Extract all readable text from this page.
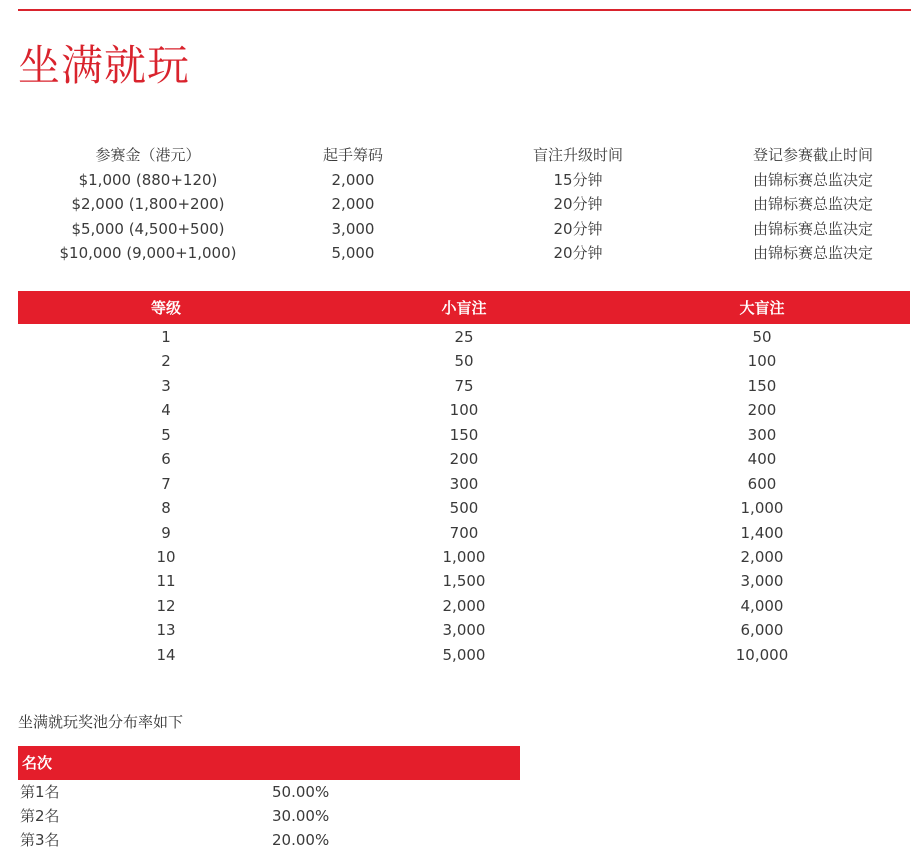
坐满就玩
参赛金（港元）	起手筹码	盲注升级时间	登记参赛截止时间
$1,000 (880+120)	2,000	15分钟	由锦标赛总监决定
$2,000 (1,800+200)	2,000	20分钟	由锦标赛总监决定
$5,000 (4,500+500)	3,000	20分钟	由锦标赛总监决定
$10,000 (9,000+1,000)	5,000	20分钟	由锦标赛总监决定
等级	小盲注	大盲注
1	25	50
2	50	100
3	75	150
4	100	200
5	150	300
6	200	400
7	300	600
8	500	1,000
9	700	1,400
10	1,000	2,000
11	1,500	3,000
12	2,000	4,000
13	3,000	6,000
14	5,000	10,000
坐满就玩奖池分布率如下
名次
第1名	50.00%
第2名	30.00%
第3名	20.00%
